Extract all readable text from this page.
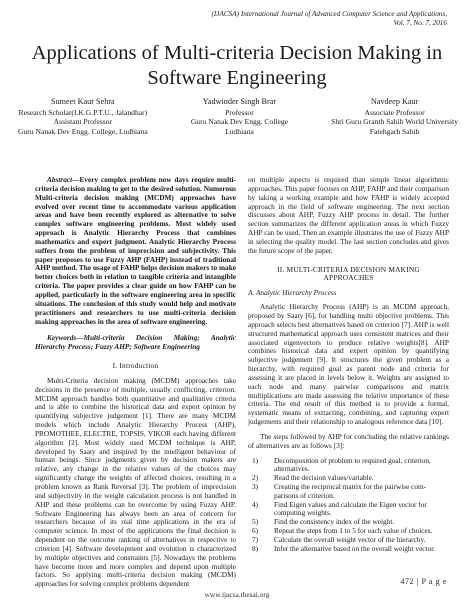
(IJACSA) International Journal of Advanced Computer Science and Applications,
Vol. 7, No. 7, 2016
Applications of Multi-criteria Decision Making in
Software Engineering
Sumeet Kaur Sehra
Research Scholar(I.K.G.P.T.U., Jalandhar)
Assistant Professor
Guru Nanak Dev Engg. College, Ludhiana
Yadwinder Singh Brar
Professor
Guru Nanak Dev Engg. College
Ludhiana
Navdeep Kaur
Associate Professor
Shri Guru Granth Sahib World University
Fatehgarh Sahib

Abstract—Every complex problem now days require multi-criteria decision making to get to the desired solution. Numerous Multi-criteria decision making (MCDM) approaches have evolved over recent time to accommodate various application areas and have been recently explored as alternative to solve complex software engineering problems. Most widely used approach is Analytic Hierarchy Process that combines mathematics and expert judgment. Analytic Hierarchy Process suffers from the problem of imprecision and subjectivity. This paper proposes to use Fuzzy AHP (FAHP) instead of traditional AHP method. The usage of FAHP helps decision makers to make better choices both in relation to tangible criteria and intangible criteria. The paper provides a clear guide on how FAHP can be applied, particularly in the software engineering area in specific situations. The conclusion of this study would help and motivate practitioners and researchers to use multi-criteria decision making approaches in the area of software engineering.

Keywords—Multi-criteria Decision Making; Analytic Hierarchy Process; Fuzzy AHP; Software Engineering

I. Introduction

Multi-Criteria decision making (MCDM) approaches take decisions in the presence of multiple, usually conflicting, criterion. MCDM approach handles both quantitative and qualitative criteria and is able to combine the historical data and expert opinion by quantifying subjective judgement [1]. There are many MCDM models which include Analytic Hierarchy Process (AHP), PROMOTHEE, ELECTRE, TOPSIS, VIKOR each having different algorithm [2]. Most widely used MCDM technique is AHP, developed by Saaty and inspired by the intelligent behaviour of human beings. Since judgments given by decision makers are relative, any change in the relative values of the choices may significantly change the weights of affected choices, resulting in a problem known as Rank Reversal [3]. The problem of imprecision and subjectivity in the weight calculation process is not handled in AHP and these problems can be overcome by using Fuzzy AHP. Software Engineering has always been an area of concern for researchers because of its real time applications in the era of computer science. In most of the applications the final decision is dependent on the outcome ranking of alternatives in respective to criterion [4]. Software development and evolution is characterized by multiple objectives and constraints [5]. Nowadays the problems have become more and more complex and depend upon multiple factors. So applying multi-criteria decision making (MCDM) approaches for solving complex problems dependent

on multiple aspects is required than simple linear algorithmic approaches. This paper focuses on AHP, FAHP and their comparison by taking a working example and how FAHP is widely accepted approach in the field of software engineering. The next section discusses about AHP, Fuzzy AHP process in detail. The further section summarizes the different application areas in which Fuzzy AHP can be used. Then an example illustrates the use of Fuzzy AHP in selecting the quality model. The last section concludes and gives the future scope of the paper.

II. MULTI-CRITERIA DECISION MAKING
APPROACHES

A. Analytic Hierarchy Process

Analytic Hierarchy Process (AHP) is an MCDM approach, proposed by Saaty [6], for handling multi objective problems. This approach selects best alternatives based on criterion [7]. AHP is well structured mathematical approach uses consistent matrices and their associated eigenvectors to produce relative weights[8]. AHP combines historical data and expert opinion by quantifying subjective judgement [9]. It structures the given problem as a hierarchy, with required goal as parent node and criteria for assessing it are placed in levels below it. Weights are assigned to each node and many pairwise comparisons and matrix multiplications are made assessing the relative importance of these criteria. The end result of this method is to provide a formal, systematic means of extracting, combining, and capturing expert judgements and their relationship to analogous reference data [10].

The steps followed by AHP for concluding the relative rankings of alternatives are as follows [3]:

1)	Decomposition of problem to required goal, criterion, alternatives.
2)	Read the decision values/variable.
3)	Creating the reciprocal matrix for the pairwise com-parisons of criterion.
4)	Find Eigen values and calculate the Eigen vector for computing weights.
5)	Find the consistency index of the weight.
6)	Repeat the steps from 1 to 5 for each value of choices.
7)	Calculate the overall weight vector of the hierarchy.
8)	Infer the alternative based on the overall weight vector.
472 | P a g e
www.ijacsa.thesai.org
